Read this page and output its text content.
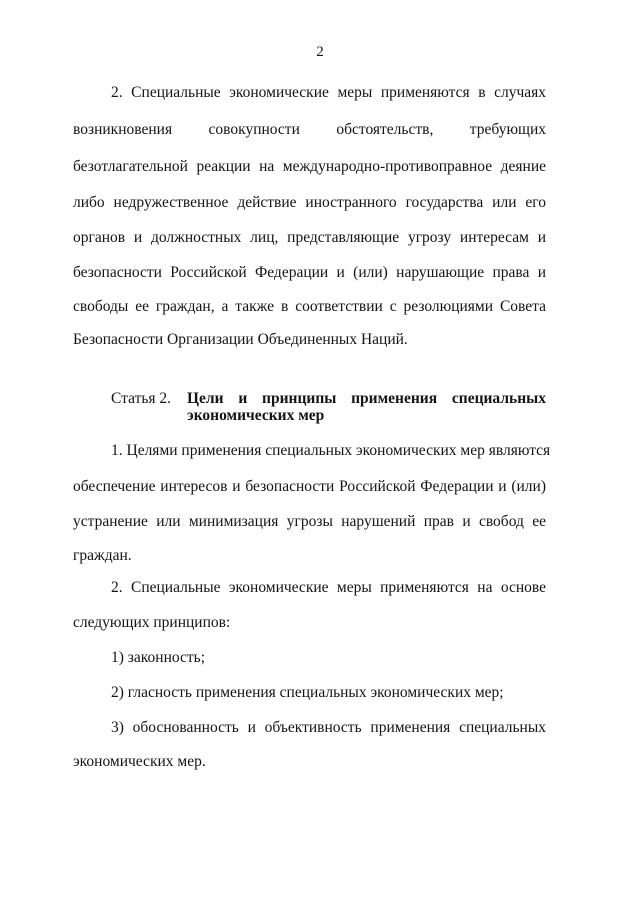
2
2. Специальные экономические меры применяются в случаях
возникновения совокупности обстоятельств, требующих
безотлагательной реакции на международно-противоправное деяние
либо недружественное действие иностранного государства или его
органов и должностных лиц, представляющие угрозу интересам и
безопасности Российской Федерации и (или) нарушающие права и
свободы ее граждан, а также в соответствии с резолюциями Совета
Безопасности Организации Объединенных Наций.
Статья 2. Цели и принципы применения специальных
экономических мер
1. Целями применения специальных экономических мер являются
обеспечение интересов и безопасности Российской Федерации и (или)
устранение или минимизация угрозы нарушений прав и свобод ее
граждан.
2. Специальные экономические меры применяются на основе
следующих принципов:
1) законность;
2) гласность применения специальных экономических мер;
3) обоснованность и объективность применения специальных
экономических мер.
